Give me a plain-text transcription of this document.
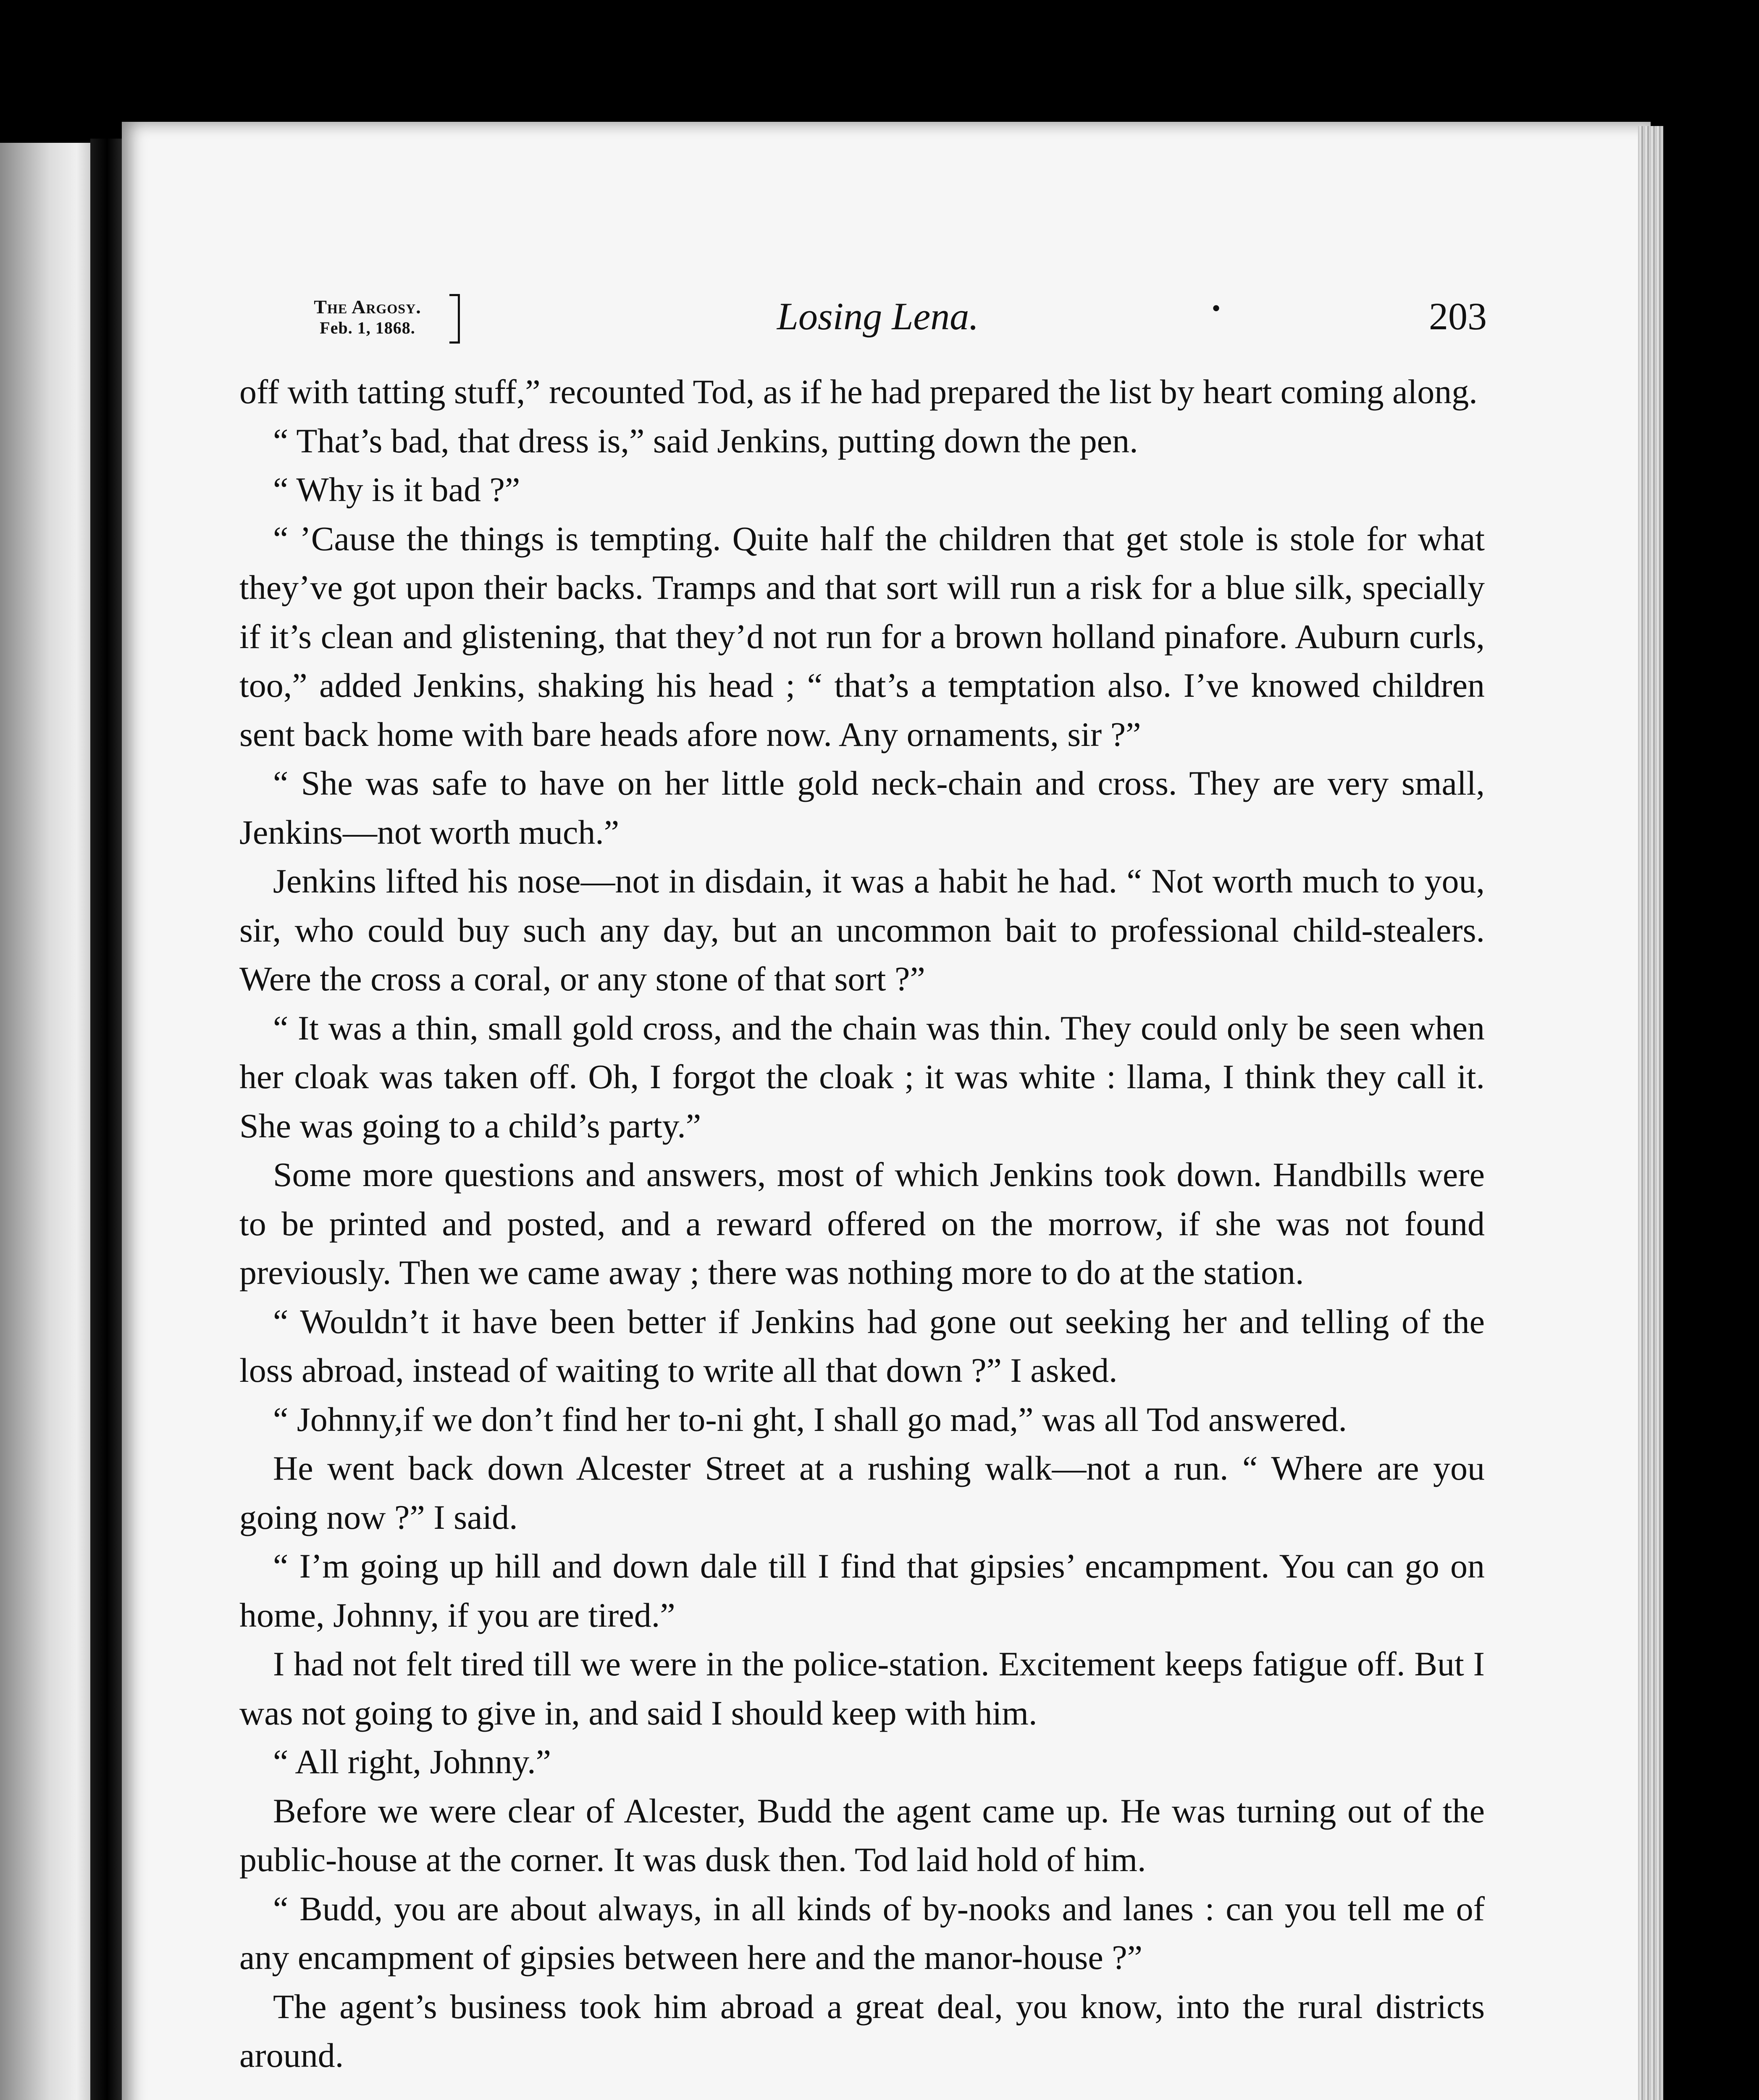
The Argosy.
Feb. 1, 1868.	Losing Lena.	•	203

off with tatting stuff,” recounted Tod, as if he had prepared the list by heart coming along.

“ That’s bad, that dress is,” said Jenkins, putting down the pen.

“ Why is it bad ?”

“ ’Cause the things is tempting. Quite half the children that get stole is stole for what they’ve got upon their backs. Tramps and that sort will run a risk for a blue silk, specially if it’s clean and glistening, that they’d not run for a brown holland pinafore. Auburn curls, too,” added Jenkins, shaking his head ; “ that’s a temptation also. I’ve knowed children sent back home with bare heads afore now. Any ornaments, sir ?”

“ She was safe to have on her little gold neck-chain and cross. They are very small, Jenkins—not worth much.”

Jenkins lifted his nose—not in disdain, it was a habit he had. “ Not worth much to you, sir, who could buy such any day, but an uncommon bait to professional child-stealers. Were the cross a coral, or any stone of that sort ?”

“ It was a thin, small gold cross, and the chain was thin. They could only be seen when her cloak was taken off. Oh, I forgot the cloak ; it was white : llama, I think they call it. She was going to a child’s party.”

Some more questions and answers, most of which Jenkins took down. Handbills were to be printed and posted, and a reward offered on the morrow, if she was not found previously. Then we came away ; there was nothing more to do at the station.

“ Wouldn’t it have been better if Jenkins had gone out seeking her and telling of the loss abroad, instead of waiting to write all that down ?” I asked.

“ Johnny,if we don’t find her to-ni ght, I shall go mad,” was all Tod answered.

He went back down Alcester Street at a rushing walk—not a run. “ Where are you going now ?” I said.

“ I’m going up hill and down dale till I find that gipsies’ encampment. You can go on home, Johnny, if you are tired.”

I had not felt tired till we were in the police-station. Excitement keeps fatigue off. But I was not going to give in, and said I should keep with him.

“ All right, Johnny.”

Before we were clear of Alcester, Budd the agent came up. He was turning out of the public-house at the corner. It was dusk then. Tod laid hold of him.

“ Budd, you are about always, in all kinds of by-nooks and lanes : can you tell me of any encampment of gipsies between here and the manor-house ?”

The agent’s business took him abroad a great deal, you know, into the rural districts around.
